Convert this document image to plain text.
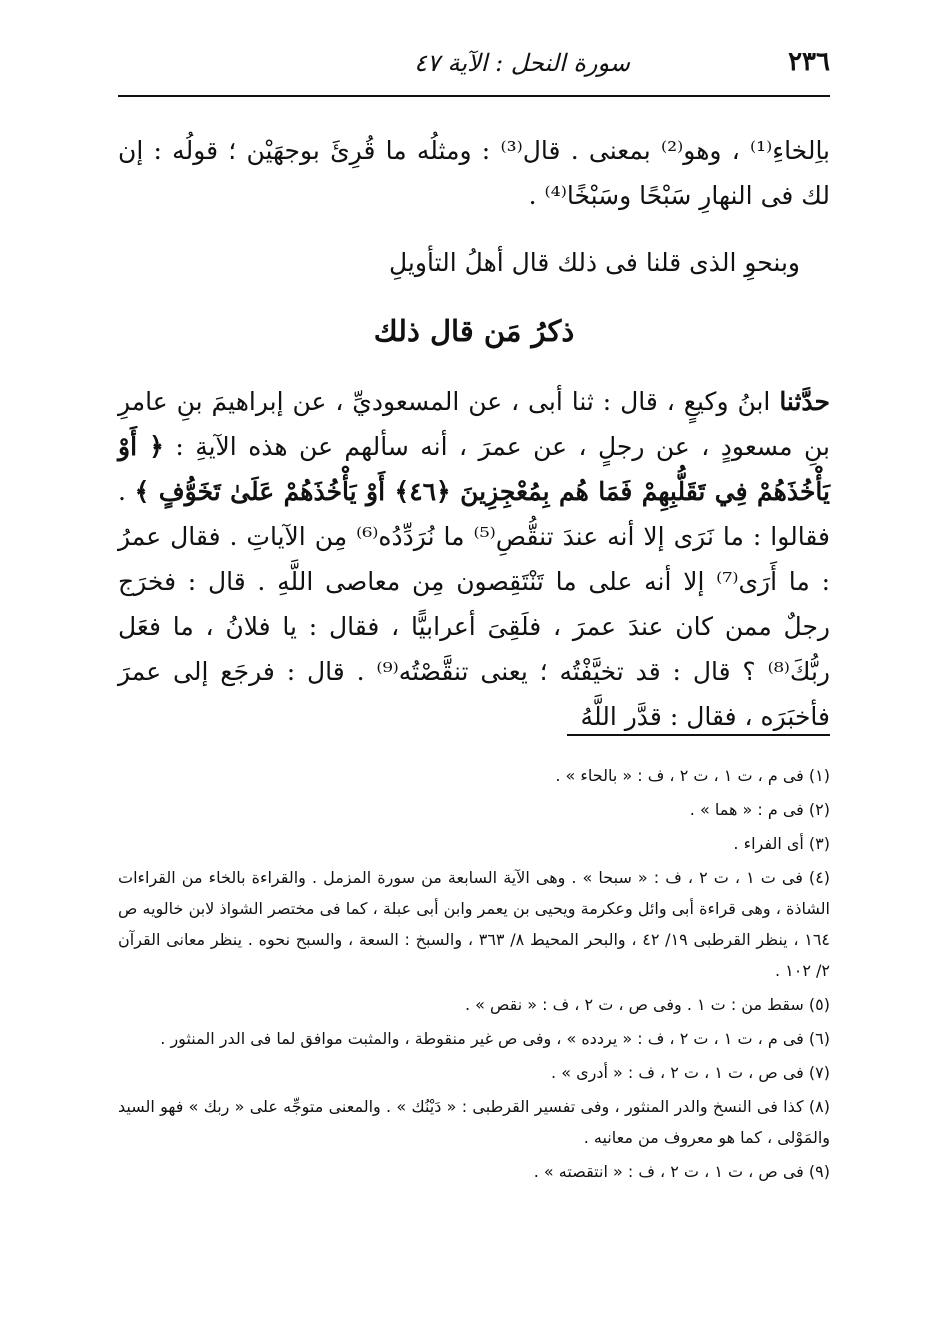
٢٣٦
سورة النحل : الآية ٤٧

باِلخاءِ⁽¹⁾ ، وهو⁽²⁾ بمعنى . قال⁽³⁾ : ومثلُه ما قُرِئَ بوجهَيْن ؛ قولُه : إن لك فى النهارِ سَبْحًا وسَبْخًا⁽⁴⁾ .

وبنحوِ الذى قلنا فى ذلك قال أهلُ التأويلِ

ذكرُ مَن قال ذلك

حدَّثنا ابنُ وكيعٍ ، قال : ثنا أبى ، عن المسعوديِّ ، عن إبراهيمَ بنِ عامرِ بنِ مسعودٍ ، عن رجلٍ ، عن عمرَ ، أنه سألهم عن هذه الآيةِ : ﴿ أَوْ يَأْخُذَهُمْ فِي تَقَلُّبِهِمْ فَمَا هُم بِمُعْجِزِينَ ﴿٤٦﴾ أَوْ يَأْخُذَهُمْ عَلَىٰ تَخَوُّفٍ ﴾ . فقالوا : ما نَرَى إلا أنه عندَ تنقُّصِ⁽⁵⁾ ما نُرَدِّدُه⁽⁶⁾ مِن الآياتِ . فقال عمرُ : ما أَرَى⁽⁷⁾ إلا أنه على ما تَنْتَقِصون مِن معاصى اللَّهِ . قال : فخرَج رجلٌ ممن كان عندَ عمرَ ، فلَقِىَ أعرابيًّا ، فقال : يا فلانُ ، ما فعَل ربُّكَ⁽⁸⁾ ؟ قال : قد تخيَّفْتُه ؛ يعنى تنقَّصْتُه⁽⁹⁾ . قال : فرجَع إلى عمرَ فأخبَرَه ، فقال : قدَّر اللَّهُ

(١) فى م ، ت ١ ، ت ٢ ، ف : « بالحاء » .

(٢) فى م : « هما » .

(٣) أى الفراء .

(٤) فى ت ١ ، ت ٢ ، ف : « سبحا » . وهى الآية السابعة من سورة المزمل . والقراءة بالخاء من القراءات الشاذة ، وهى قراءة أبى وائل وعكرمة ويحيى بن يعمر وابن أبى عبلة ، كما فى مختصر الشواذ لابن خالويه ص ١٦٤ ، ينظر القرطبى ١٩/ ٤٢ ، والبحر المحيط ٨/ ٣٦٣ ، والسبخ : السعة ، والسبح نحوه . ينظر معانى القرآن ٢/ ١٠٢ .

(٥) سقط من : ت ١ . وفى ص ، ت ٢ ، ف : « نقص » .

(٦) فى م ، ت ١ ، ت ٢ ، ف : « يردده » ، وفى ص غير منقوطة ، والمثبت موافق لما فى الدر المنثور .

(٧) فى ص ، ت ١ ، ت ٢ ، ف : « أدرى » .

(٨) كذا فى النسخ والدر المنثور ، وفى تفسير القرطبى : « دَيْنُك » . والمعنى متوجِّه على « ربك » فهو السيد والمَوْلى ، كما هو معروف من معانيه .

(٩) فى ص ، ت ١ ، ت ٢ ، ف : « انتقصته » .
